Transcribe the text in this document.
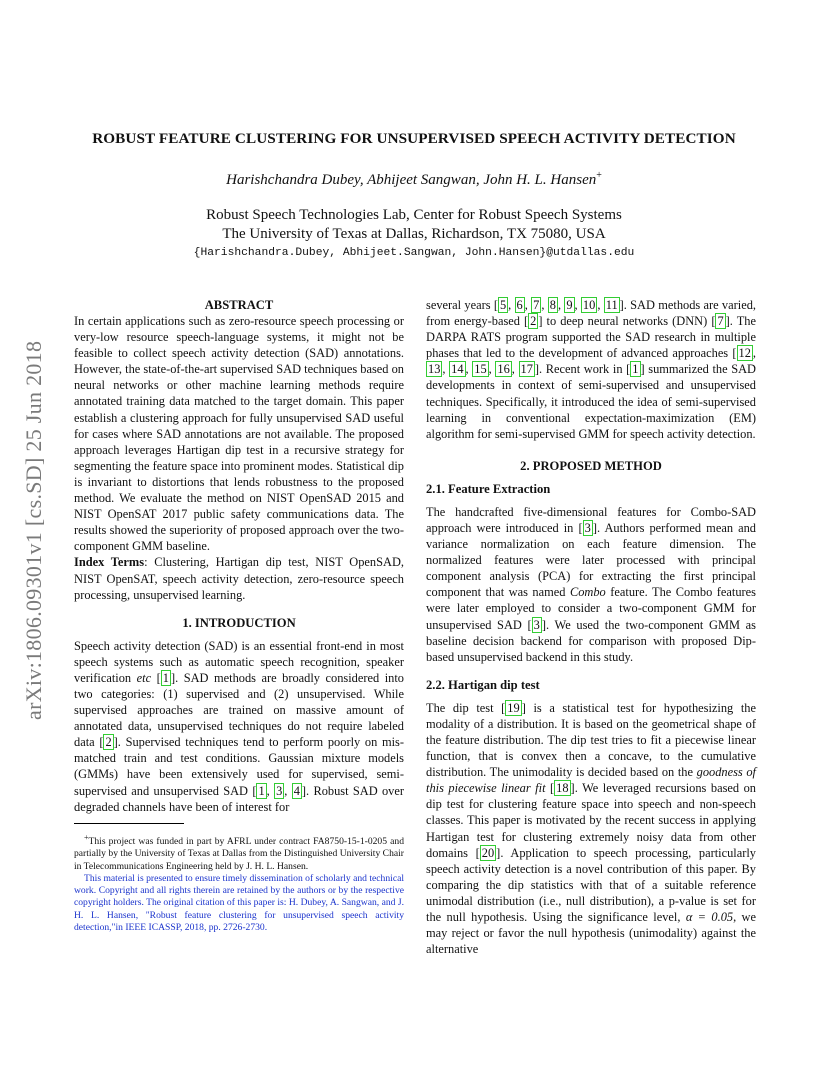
arXiv:1806.09301v1 [cs.SD] 25 Jun 2018
ROBUST FEATURE CLUSTERING FOR UNSUPERVISED SPEECH ACTIVITY DETECTION
Harishchandra Dubey, Abhijeet Sangwan, John H. L. Hansen+
Robust Speech Technologies Lab, Center for Robust Speech Systems
The University of Texas at Dallas, Richardson, TX 75080, USA
{Harishchandra.Dubey, Abhijeet.Sangwan, John.Hansen}@utdallas.edu
ABSTRACT

In certain applications such as zero-resource speech processing or very-low resource speech-language systems, it might not be feasible to collect speech activity detection (SAD) annotations. However, the state-of-the-art supervised SAD techniques based on neural networks or other machine learning methods require annotated training data matched to the target domain. This paper establish a clustering approach for fully unsupervised SAD useful for cases where SAD annotations are not available. The proposed approach leverages Hartigan dip test in a recursive strategy for segmenting the feature space into prominent modes. Statistical dip is invariant to distortions that lends robustness to the proposed method. We evaluate the method on NIST OpenSAD 2015 and NIST OpenSAT 2017 public safety communications data. The results showed the superiority of proposed approach over the two-component GMM baseline.

Index Terms: Clustering, Hartigan dip test, NIST OpenSAD, NIST OpenSAT, speech activity detection, zero-resource speech processing, unsupervised learning.

1. INTRODUCTION

Speech activity detection (SAD) is an essential front-end in most speech systems such as automatic speech recognition, speaker verification etc [ 1 ]. SAD methods are broadly considered into two categories: (1) supervised and (2) unsupervised. While supervised approaches are trained on massive amount of annotated data, unsupervised techniques do not require labeled data [ 2 ]. Supervised techniques tend to perform poorly on mis-matched train and test conditions. Gaussian mixture models (GMMs) have been extensively used for supervised, semi-supervised and unsupervised SAD [ 1 , 3 , 4 ]. Robust SAD over degraded channels have been of interest for

+This project was funded in part by AFRL under contract FA8750-15-1-0205 and partially by the University of Texas at Dallas from the Distinguished University Chair in Telecommunications Engineering held by J. H. L. Hansen.

This material is presented to ensure timely dissemination of scholarly and technical work. Copyright and all rights therein are retained by the authors or by the respective copyright holders. The original citation of this paper is: H. Dubey, A. Sangwan, and J. H. L. Hansen, "Robust feature clustering for unsupervised speech activity detection,"in IEEE ICASSP, 2018, pp. 2726-2730.

several years [ 5 , 6 , 7 , 8 , 9 , 10 , 11 ]. SAD methods are varied, from energy-based [ 2 ] to deep neural networks (DNN) [ 7 ]. The DARPA RATS program supported the SAD research in multiple phases that led to the development of advanced approaches [ 12 , 13 , 14 , 15 , 16 , 17 ]. Recent work in [ 1 ] summarized the SAD developments in context of semi-supervised and unsupervised techniques. Specifically, it introduced the idea of semi-supervised learning in conventional expectation-maximization (EM) algorithm for semi-supervised GMM for speech activity detection.

2. PROPOSED METHOD
2.1. Feature Extraction

The handcrafted five-dimensional features for Combo-SAD approach were introduced in [ 3 ]. Authors performed mean and variance normalization on each feature dimension. The normalized features were later processed with principal component analysis (PCA) for extracting the first principal component that was named Combo feature. The Combo features were later employed to consider a two-component GMM for unsupervised SAD [ 3 ]. We used the two-component GMM as baseline decision backend for comparison with proposed Dip-based unsupervised backend in this study.

2.2. Hartigan dip test

The dip test [ 19 ] is a statistical test for hypothesizing the modality of a distribution. It is based on the geometrical shape of the feature distribution. The dip test tries to fit a piecewise linear function, that is convex then a concave, to the cumulative distribution. The unimodality is decided based on the goodness of this piecewise linear fit [ 18 ]. We leveraged recursions based on dip test for clustering feature space into speech and non-speech classes. This paper is motivated by the recent success in applying Hartigan test for clustering extremely noisy data from other domains [ 20 ]. Application to speech processing, particularly speech activity detection is a novel contribution of this paper. By comparing the dip statistics with that of a suitable reference unimodal distribution (i.e., null distribution), a p-value is set for the null hypothesis. Using the significance level, α = 0.05, we may reject or favor the null hypothesis (unimodality) against the alternative
